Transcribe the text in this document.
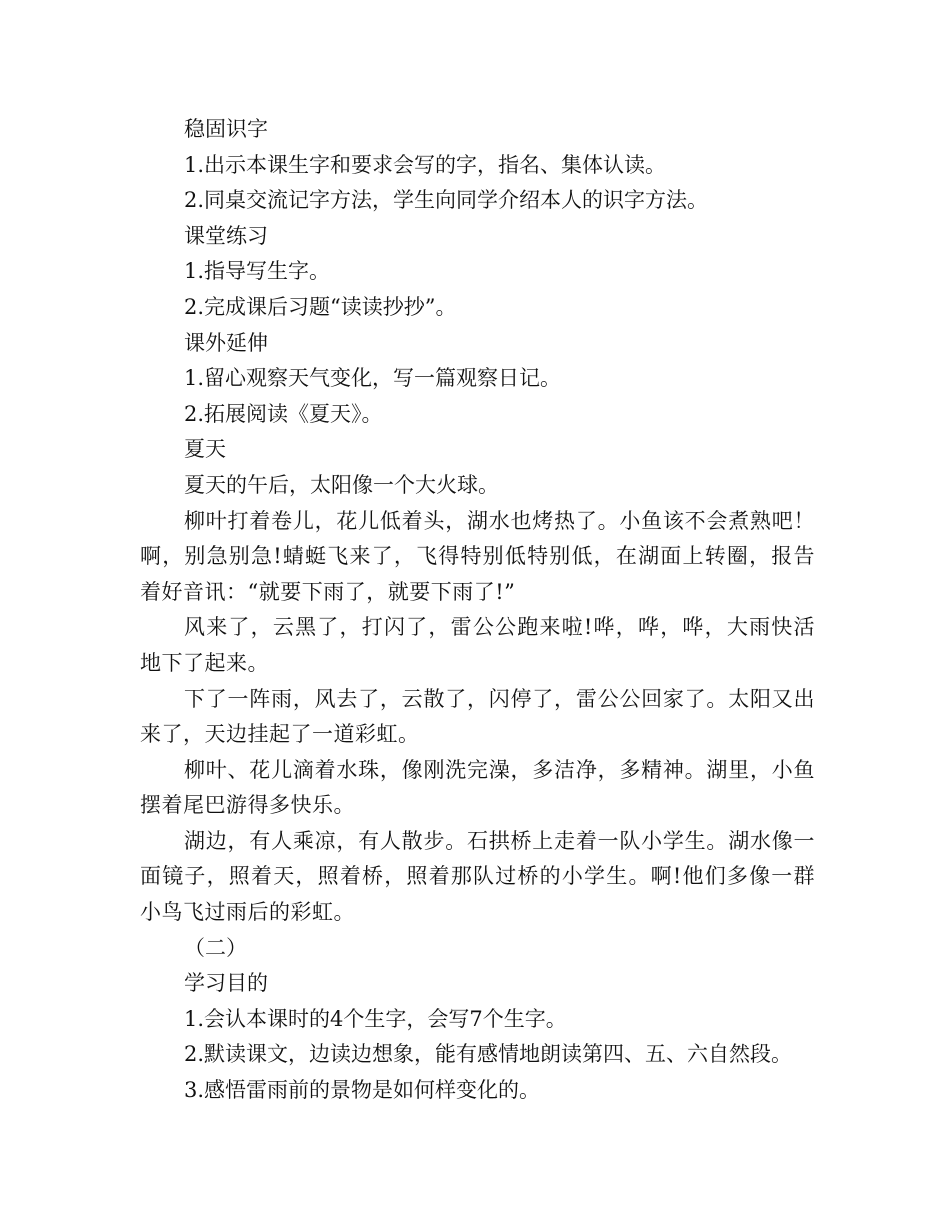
稳固识字

1.出示本课生字和要求会写的字，指名、集体认读。

2.同桌交流记字方法，学生向同学介绍本人的识字方法。

课堂练习

1.指导写生字。

2.完成课后习题“读读抄抄”。

课外延伸

1.留心观察天气变化，写一篇观察日记。

2.拓展阅读《夏天》。

夏天

夏天的午后，太阳像一个大火球。

柳叶打着卷儿，花儿低着头，湖水也烤热了。小鱼该不会煮熟吧！啊，别急别急!蜻蜓飞来了，飞得特别低特别低，在湖面上转圈，报告着好音讯：“就要下雨了，就要下雨了!”

风来了，云黑了，打闪了，雷公公跑来啦!哗，哗，哗，大雨快活地下了起来。

下了一阵雨，风去了，云散了，闪停了，雷公公回家了。太阳又出来了，天边挂起了一道彩虹。

柳叶、花儿滴着水珠，像刚洗完澡，多洁净，多精神。湖里，小鱼摆着尾巴游得多快乐。

湖边，有人乘凉，有人散步。石拱桥上走着一队小学生。湖水像一面镜子，照着天，照着桥，照着那队过桥的小学生。啊!他们多像一群小鸟飞过雨后的彩虹。

（二）

学习目的

1.会认本课时的4个生字，会写7个生字。

2.默读课文，边读边想象，能有感情地朗读第四、五、六自然段。

3.感悟雷雨前的景物是如何样变化的。
